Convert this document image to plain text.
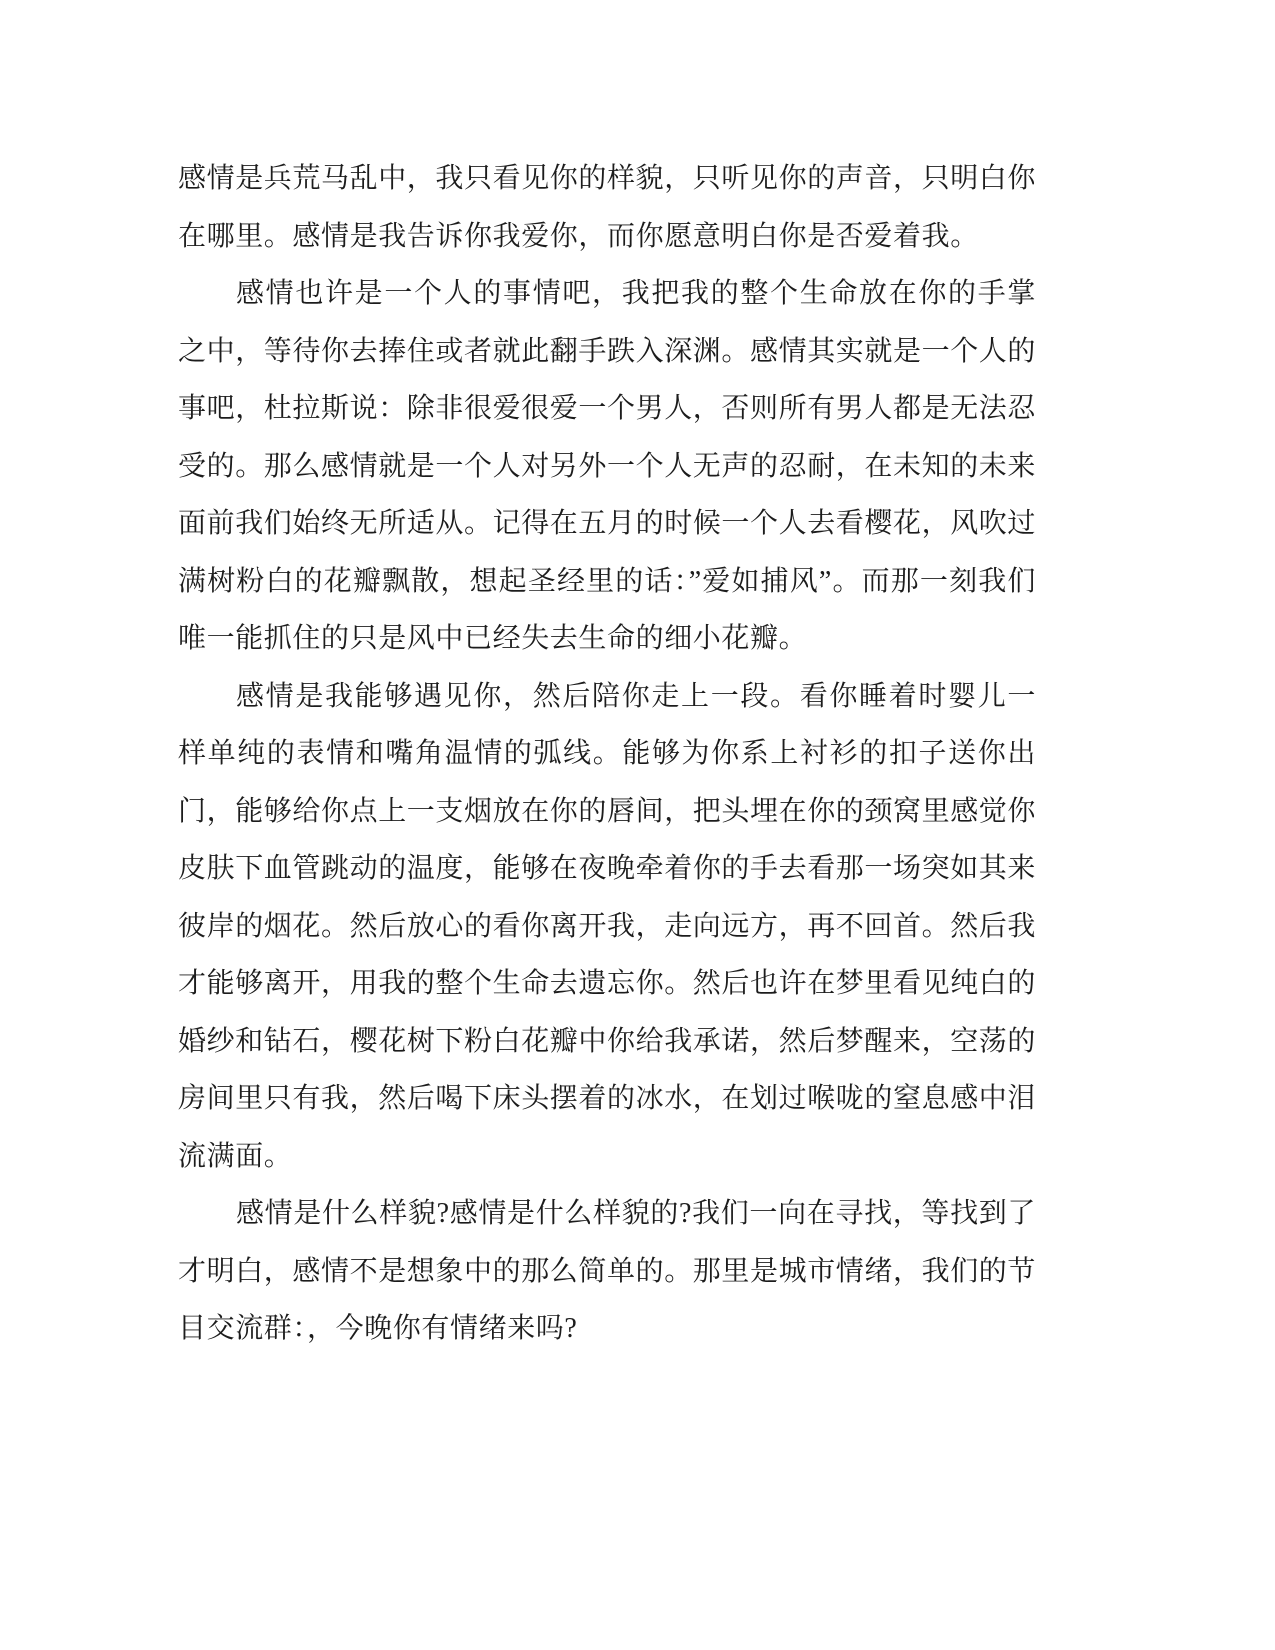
感情是兵荒马乱中，我只看见你的样貌，只听见你的声音，只明白你在哪里。感情是我告诉你我爱你，而你愿意明白你是否爱着我。

感情也许是一个人的事情吧，我把我的整个生命放在你的手掌之中，等待你去捧住或者就此翻手跌入深渊。感情其实就是一个人的事吧，杜拉斯说：除非很爱很爱一个男人，否则所有男人都是无法忍受的。那么感情就是一个人对另外一个人无声的忍耐，在未知的未来面前我们始终无所适从。记得在五月的时候一个人去看樱花，风吹过满树粉白的花瓣飘散，想起圣经里的话：”爱如捕风”。而那一刻我们唯一能抓住的只是风中已经失去生命的细小花瓣。

感情是我能够遇见你，然后陪你走上一段。看你睡着时婴儿一样单纯的表情和嘴角温情的弧线。能够为你系上衬衫的扣子送你出门，能够给你点上一支烟放在你的唇间，把头埋在你的颈窝里感觉你皮肤下血管跳动的温度，能够在夜晚牵着你的手去看那一场突如其来彼岸的烟花。然后放心的看你离开我，走向远方，再不回首。然后我才能够离开，用我的整个生命去遗忘你。然后也许在梦里看见纯白的婚纱和钻石，樱花树下粉白花瓣中你给我承诺，然后梦醒来，空荡的房间里只有我，然后喝下床头摆着的冰水，在划过喉咙的窒息感中泪流满面。

感情是什么样貌?感情是什么样貌的?我们一向在寻找，等找到了才明白，感情不是想象中的那么简单的。那里是城市情绪，我们的节目交流群：，今晚你有情绪来吗?
